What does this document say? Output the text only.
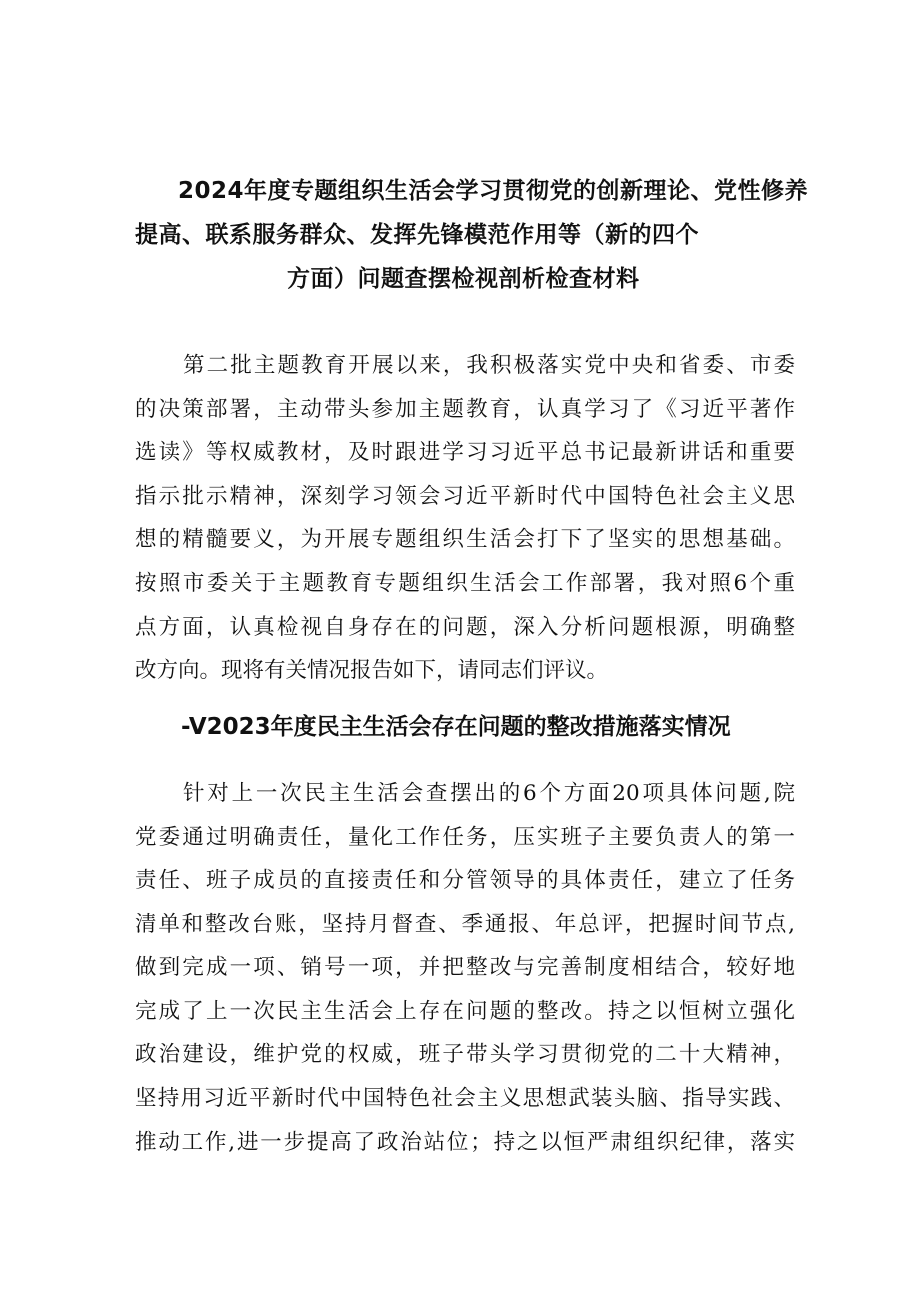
2024年度专题组织生活会学习贯彻党的创新理论、党性修养
提高、联系服务群众、发挥先锋模范作用等（新的四个
方面）问题查摆检视剖析检查材料
第二批主题教育开展以来，我积极落实党中央和省委、市委
的决策部署，主动带头参加主题教育，认真学习了《习近平著作
选读》等权威教材，及时跟进学习习近平总书记最新讲话和重要
指示批示精神，深刻学习领会习近平新时代中国特色社会主义思
想的精髓要义，为开展专题组织生活会打下了坚实的思想基础。
按照市委关于主题教育专题组织生活会工作部署，我对照6个重
点方面，认真检视自身存在的问题，深入分析问题根源，明确整
改方向。现将有关情况报告如下，请同志们评议。
-V2023年度民主生活会存在问题的整改措施落实情况
针对上一次民主生活会查摆出的6个方面20项具体问题,院
党委通过明确责任，量化工作任务，压实班子主要负责人的第一
责任、班子成员的直接责任和分管领导的具体责任，建立了任务
清单和整改台账，坚持月督查、季通报、年总评，把握时间节点,
做到完成一项、销号一项，并把整改与完善制度相结合，较好地
完成了上一次民主生活会上存在问题的整改。持之以恒树立强化
政治建设，维护党的权威，班子带头学习贯彻党的二十大精神，
坚持用习近平新时代中国特色社会主义思想武装头脑、指导实践、
推动工作,进一步提高了政治站位；持之以恒严肃组织纪律，落实
